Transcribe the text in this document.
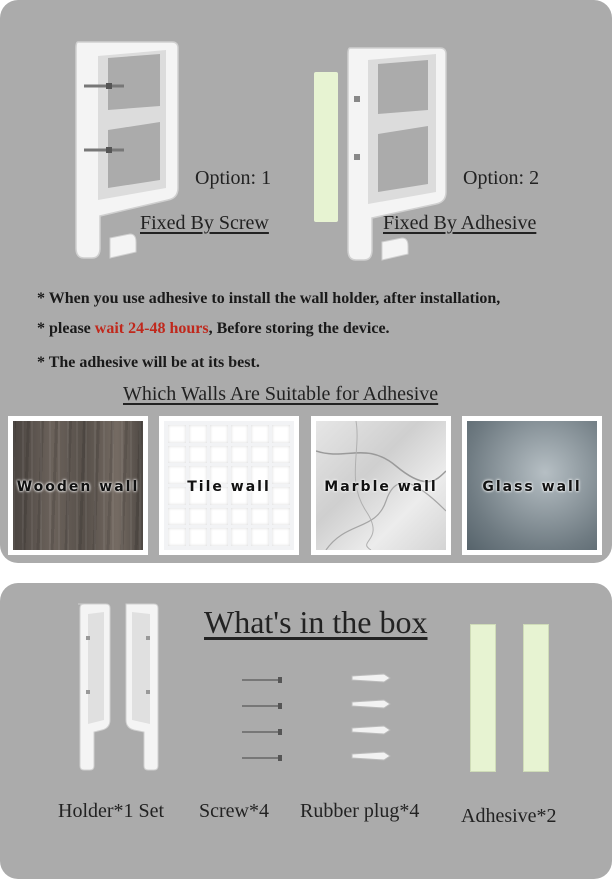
Option: 1
Fixed By Screw
Option: 2
Fixed By Adhesive
* When you use adhesive to install the wall holder, after installation,
* please wait 24-48 hours, Before storing the device.
* The adhesive will be at its best.
Which Walls Are Suitable for Adhesive
Wooden wall	Tile wall	Marble wall	Glass wall
What's in the box
Holder*1 Set Screw*4 Rubber plug*4 Adhesive*2
